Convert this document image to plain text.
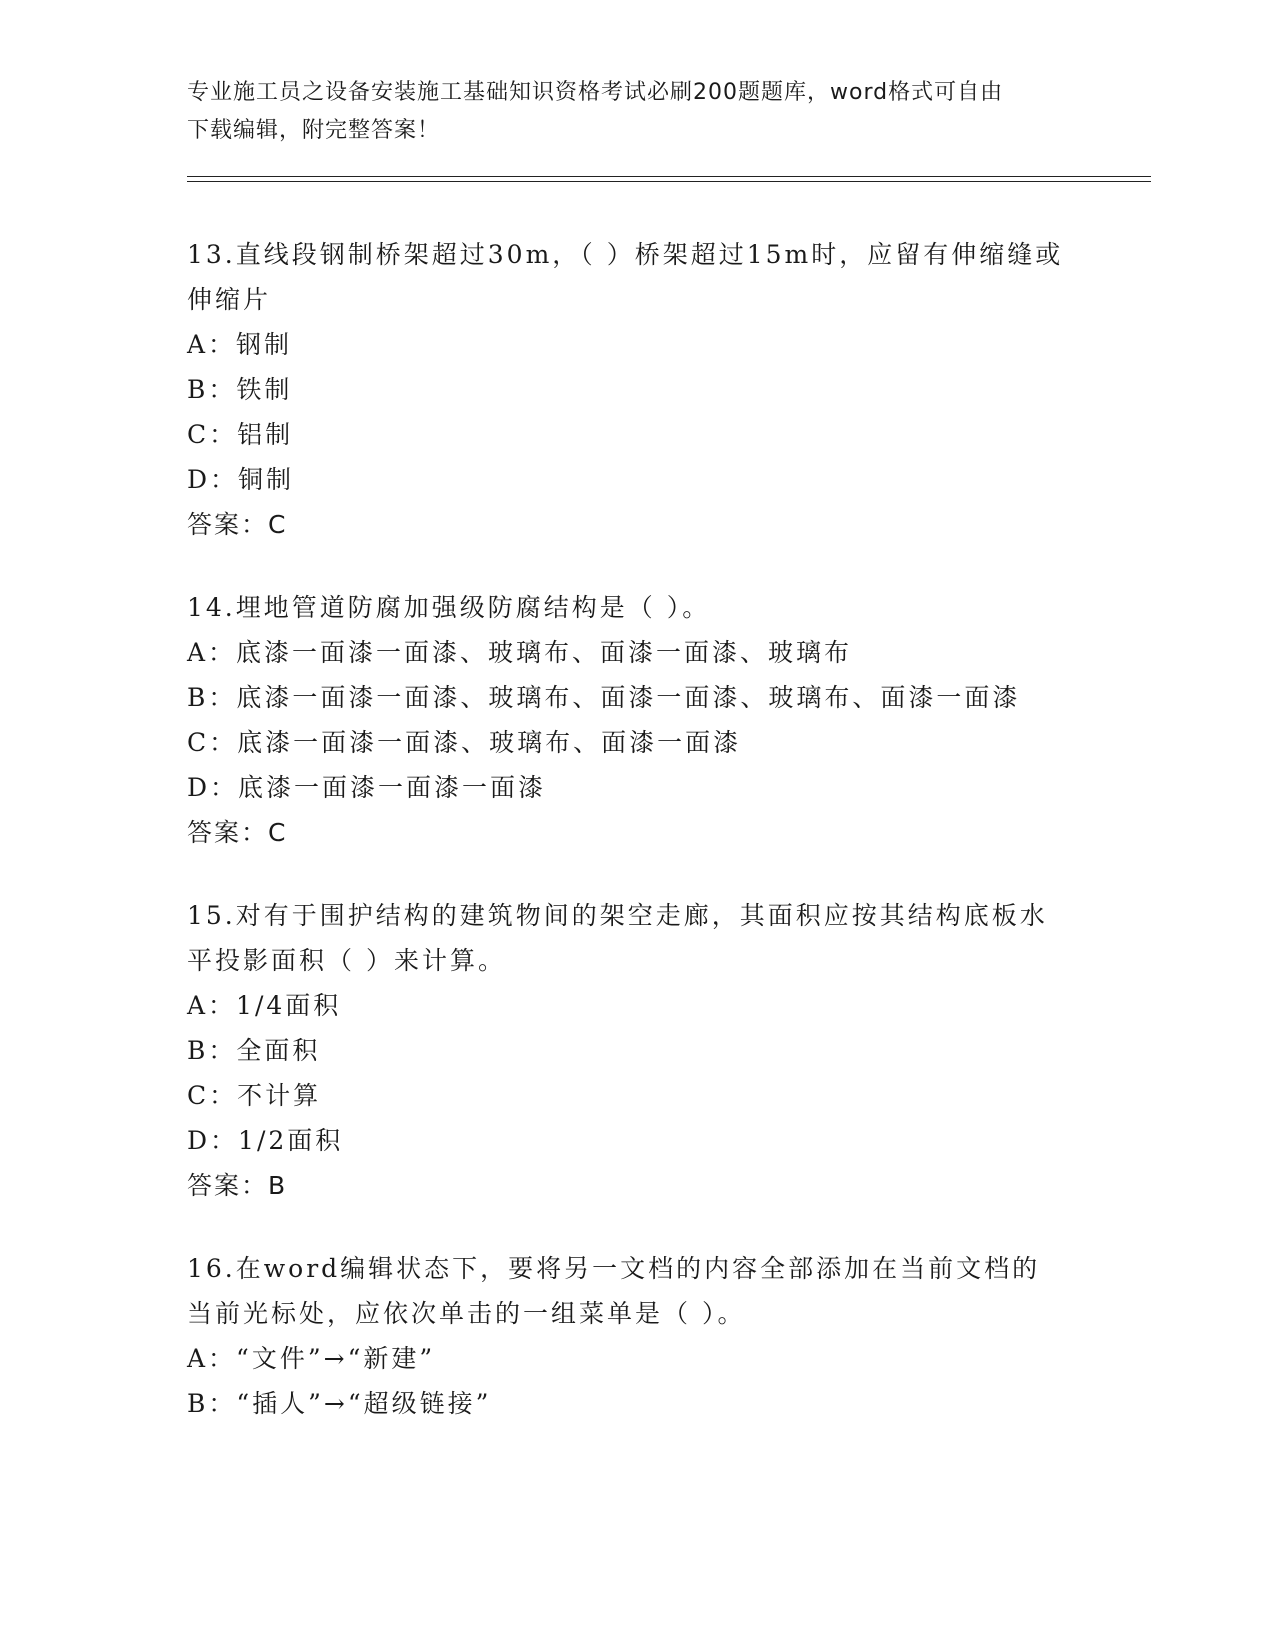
专业施工员之设备安装施工基础知识资格考试必刷200题题库，word格式可自由
下载编辑，附完整答案！
13.直线段钢制桥架超过30m，（ ）桥架超过15m时，应留有伸缩缝或
伸缩片
A：钢制
B：铁制
C：铝制
D：铜制
答案：C
14.埋地管道防腐加强级防腐结构是（ ）。
A：底漆一面漆一面漆、玻璃布、面漆一面漆、玻璃布
B：底漆一面漆一面漆、玻璃布、面漆一面漆、玻璃布、面漆一面漆
C：底漆一面漆一面漆、玻璃布、面漆一面漆
D：底漆一面漆一面漆一面漆
答案：C
15.对有于围护结构的建筑物间的架空走廊，其面积应按其结构底板水
平投影面积（ ）来计算。
A：1/4面积
B：全面积
C：不计算
D：1/2面积
答案：B
16.在word编辑状态下，要将另一文档的内容全部添加在当前文档的
当前光标处，应依次单击的一组菜单是（ ）。
A：“文件”→“新建”
B：“插人”→“超级链接”
